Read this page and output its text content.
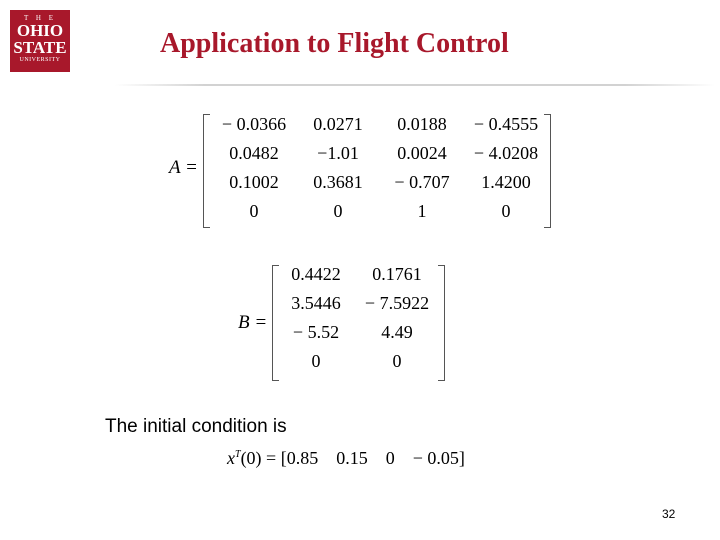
T H E
OHIO
STATE
UNIVERSITY
Application to Flight Control
A =
− 0.0366	0.0271	0.0188	− 0.4555
0.0482	−1.01	0.0024	− 4.0208
0.1002	0.3681	− 0.707	1.4200
0	0	1	0
B =
0.4422	0.1761
3.5446	− 7.5922
− 5.52	4.49
0	0
The initial condition is
$x^T(0) = [0.85$    0.15    0    − 0.05]
32
